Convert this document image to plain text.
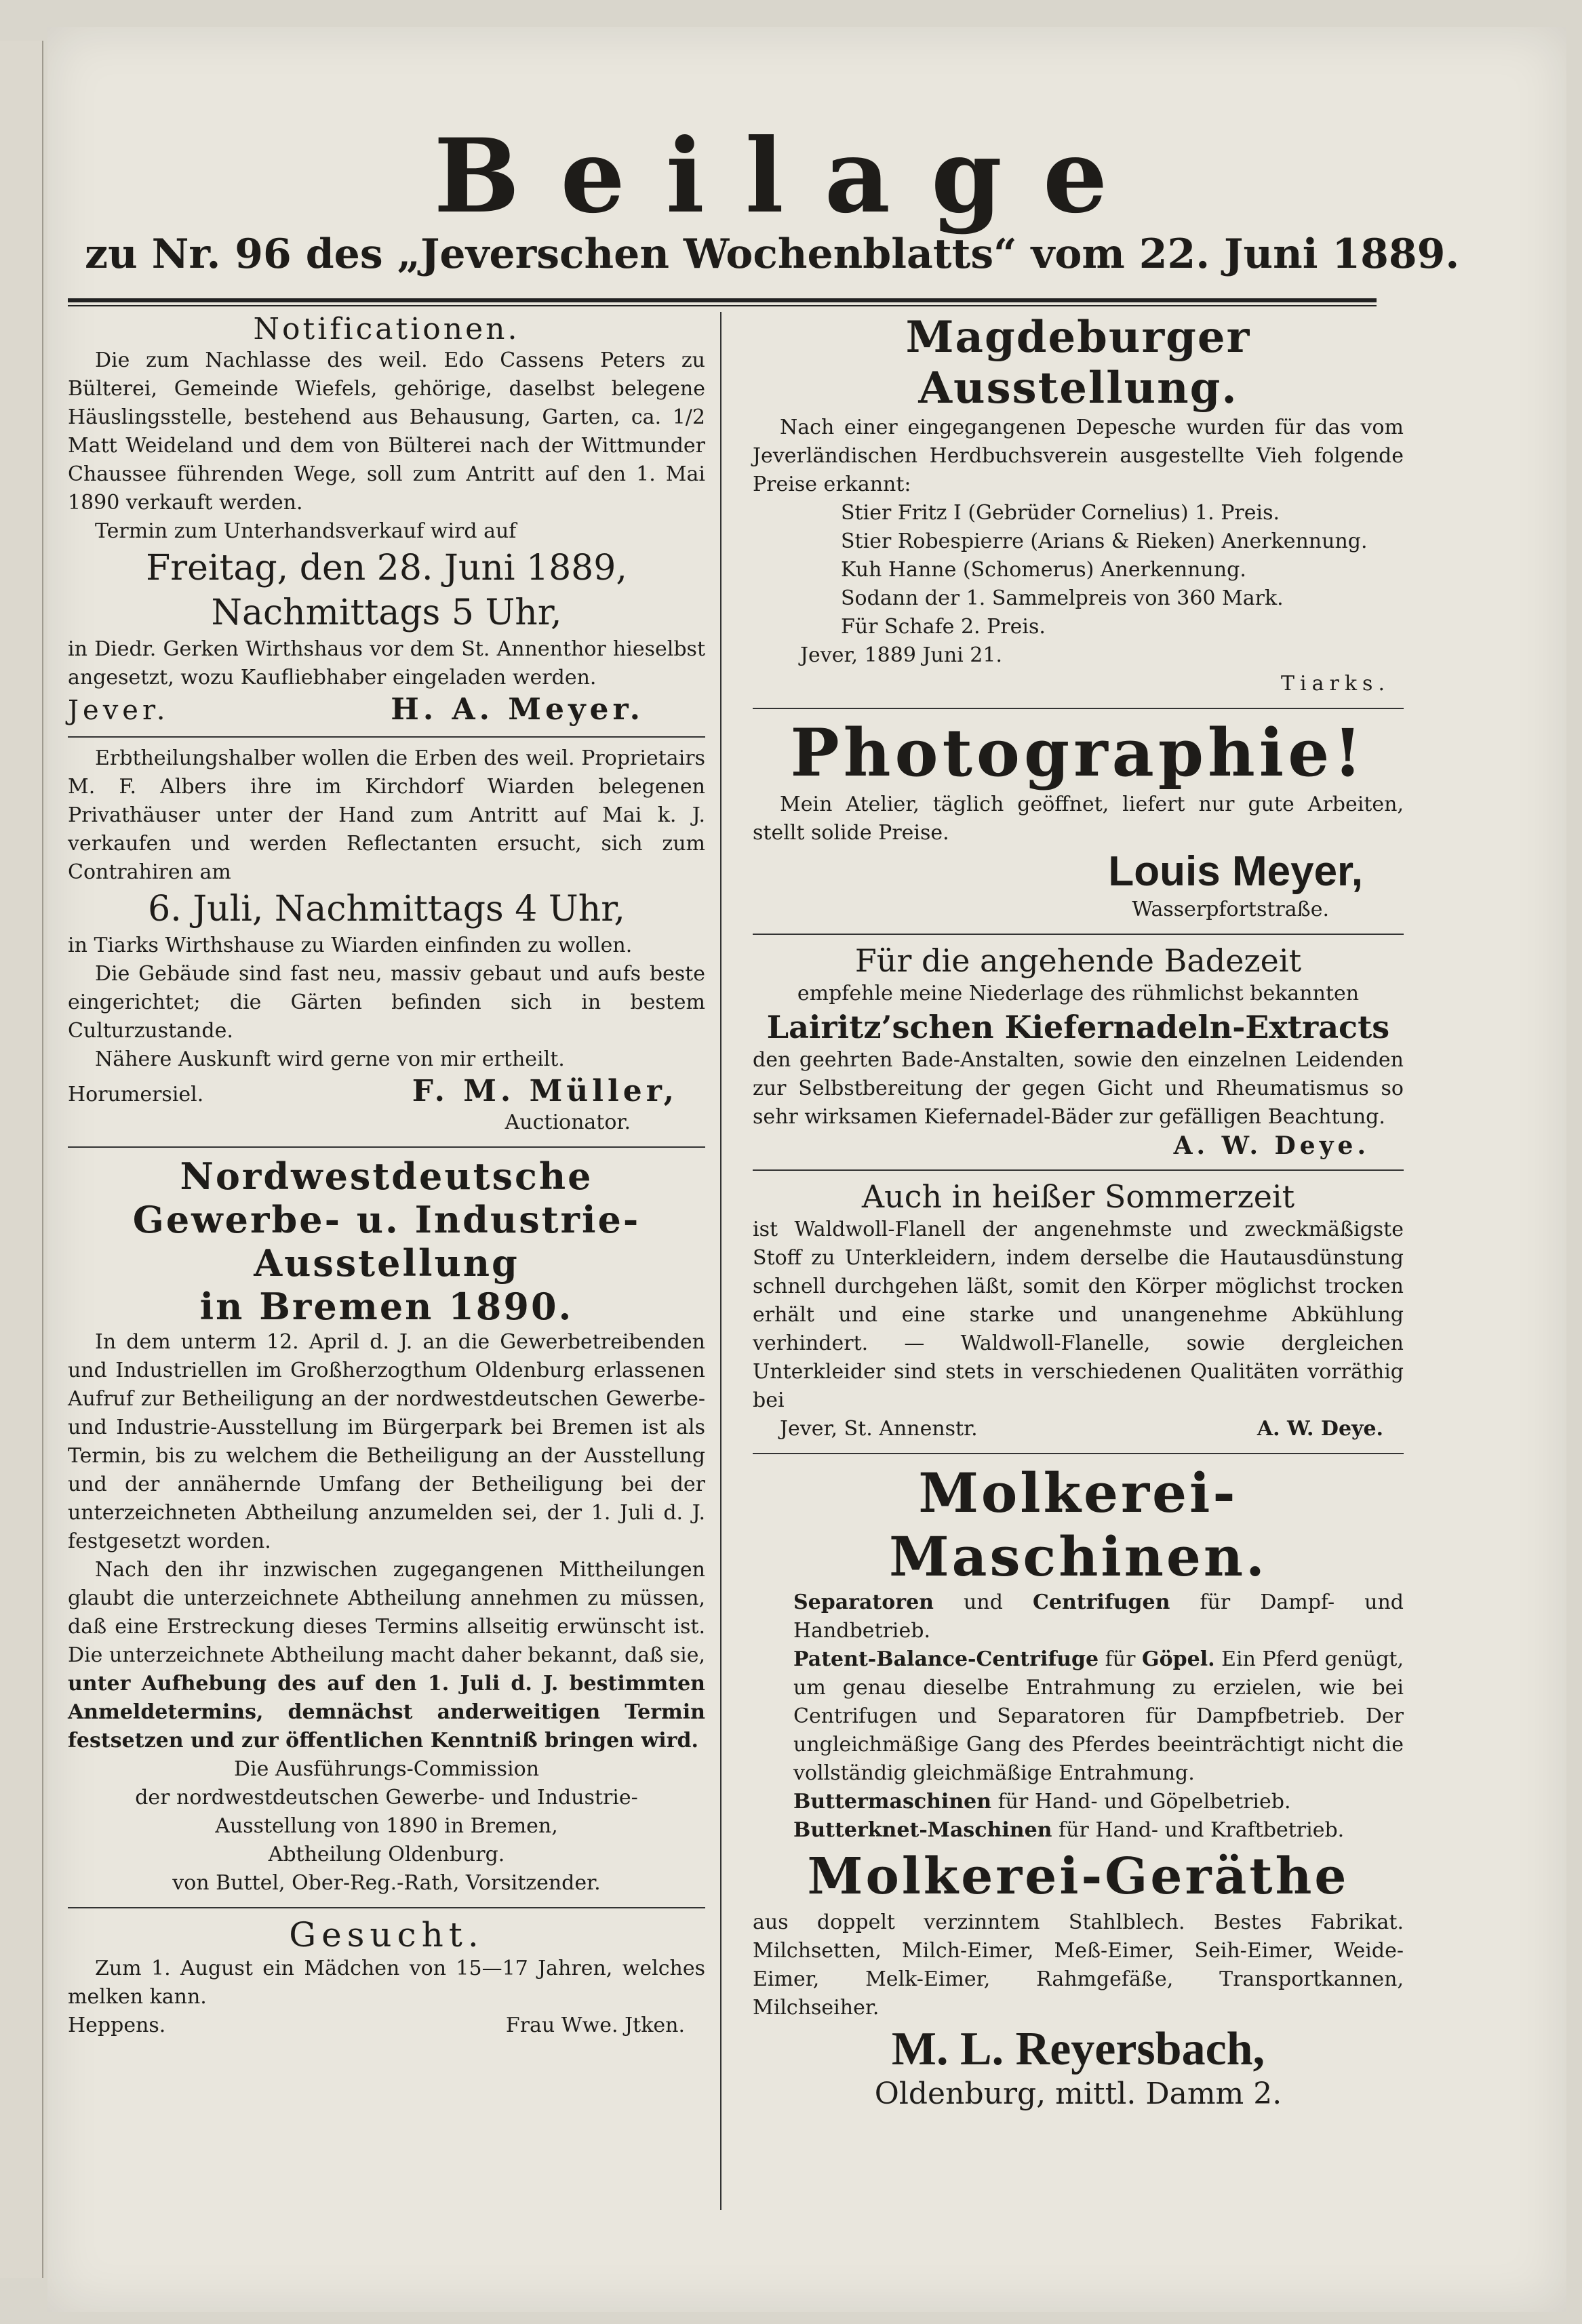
Beilage
zu Nr. 96 des „Jeverschen Wochenblatts“ vom 22. Juni 1889.
Notificationen.

Die zum Nachlasse des weil. Edo Cassens Peters zu Bülterei, Gemeinde Wiefels, gehörige, daselbst belegene Häuslingsstelle, bestehend aus Behausung, Garten, ca. 1/2 Matt Weideland und dem von Bülterei nach der Wittmunder Chaussee führenden Wege, soll zum Antritt auf den 1. Mai 1890 verkauft werden.

Termin zum Unterhandsverkauf wird auf

Freitag, den 28. Juni 1889,
Nachmittags 5 Uhr,

in Diedr. Gerken Wirthshaus vor dem St. Annenthor hieselbst angesetzt, wozu Kaufliebhaber eingeladen werden.

Jever.	H. A. Meyer.

Erbtheilungshalber wollen die Erben des weil. Proprietairs M. F. Albers ihre im Kirchdorf Wiarden belegenen Privathäuser unter der Hand zum Antritt auf Mai k. J. verkaufen und werden Reflectanten ersucht, sich zum Contrahiren am

6. Juli, Nachmittags 4 Uhr,

in Tiarks Wirthshause zu Wiarden einfinden zu wollen.

Die Gebäude sind fast neu, massiv gebaut und aufs beste eingerichtet; die Gärten befinden sich in bestem Culturzustande.

Nähere Auskunft wird gerne von mir ertheilt.

Horumersiel.	F. M. Müller,
Auctionator.
Nordwestdeutsche
Gewerbe- u. Industrie-Ausstellung
in Bremen 1890.

In dem unterm 12. April d. J. an die Gewerbetreibenden und Industriellen im Großherzogthum Oldenburg erlassenen Aufruf zur Betheiligung an der nordwestdeutschen Gewerbe- und Industrie-Ausstellung im Bürgerpark bei Bremen ist als Termin, bis zu welchem die Betheiligung an der Ausstellung und der annähernde Umfang der Betheiligung bei der unterzeichneten Abtheilung anzumelden sei, der 1. Juli d. J. festgesetzt worden.

Nach den ihr inzwischen zugegangenen Mittheilungen glaubt die unterzeichnete Abtheilung annehmen zu müssen, daß eine Erstreckung dieses Termins allseitig erwünscht ist. Die unterzeichnete Abtheilung macht daher bekannt, daß sie, unter Aufhebung des auf den 1. Juli d. J. bestimmten Anmeldetermins, demnächst anderweitigen Termin festsetzen und zur öffentlichen Kenntniß bringen wird.

Die Ausführungs-Commission
der nordwestdeutschen Gewerbe- und Industrie-
Ausstellung von 1890 in Bremen,
Abtheilung Oldenburg.
von Buttel, Ober-Reg.-Rath, Vorsitzender.
Gesucht.

Zum 1. August ein Mädchen von 15—17 Jahren, welches melken kann.

Heppens.	Frau Wwe. Jtken.
Magdeburger Ausstellung.

Nach einer eingegangenen Depesche wurden für das vom Jeverländischen Herdbuchsverein ausgestellte Vieh folgende Preise erkannt:

Stier Fritz I (Gebrüder Cornelius) 1. Preis.
Stier Robespierre (Arians & Rieken) Anerkennung.
Kuh Hanne (Schomerus) Anerkennung.
Sodann der 1. Sammelpreis von 360 Mark.
Für Schafe 2. Preis.
Jever, 1889 Juni 21.
Tiarks.
Photographie!

Mein Atelier, täglich geöffnet, liefert nur gute Arbeiten, stellt solide Preise.

Louis Meyer,
Wasserpfortstraße.
Für die angehende Badezeit
empfehle meine Niederlage des rühmlichst bekannten
Lairitz’schen Kiefernadeln-Extracts

den geehrten Bade-Anstalten, sowie den einzelnen Leidenden zur Selbstbereitung der gegen Gicht und Rheumatismus so sehr wirksamen Kiefernadel-Bäder zur gefälligen Beachtung.

A. W. Deye.
Auch in heißer Sommerzeit

ist Waldwoll-Flanell der angenehmste und zweckmäßigste Stoff zu Unterkleidern, indem derselbe die Hautausdünstung schnell durchgehen läßt, somit den Körper möglichst trocken erhält und eine starke und unangenehme Abkühlung verhindert. — Waldwoll-Flanelle, sowie dergleichen Unterkleider sind stets in verschiedenen Qualitäten vorräthig bei

Jever, St. Annenstr.	A. W. Deye.
Molkerei-Maschinen.

Separatoren und Centrifugen für Dampf- und Handbetrieb.

Patent-Balance-Centrifuge für Göpel. Ein Pferd genügt, um genau dieselbe Entrahmung zu erzielen, wie bei Centrifugen und Separatoren für Dampfbetrieb. Der ungleichmäßige Gang des Pferdes beeinträchtigt nicht die vollständig gleichmäßige Entrahmung.

Buttermaschinen für Hand- und Göpelbetrieb.

Butterknet-Maschinen für Hand- und Kraftbetrieb.

Molkerei-Geräthe

aus doppelt verzinntem Stahlblech. Bestes Fabrikat. Milchsetten, Milch-Eimer, Meß-Eimer, Seih-Eimer, Weide-Eimer, Melk-Eimer, Rahmgefäße, Transportkannen, Milchseiher.

M. L. Reyersbach,
Oldenburg, mittl. Damm 2.
